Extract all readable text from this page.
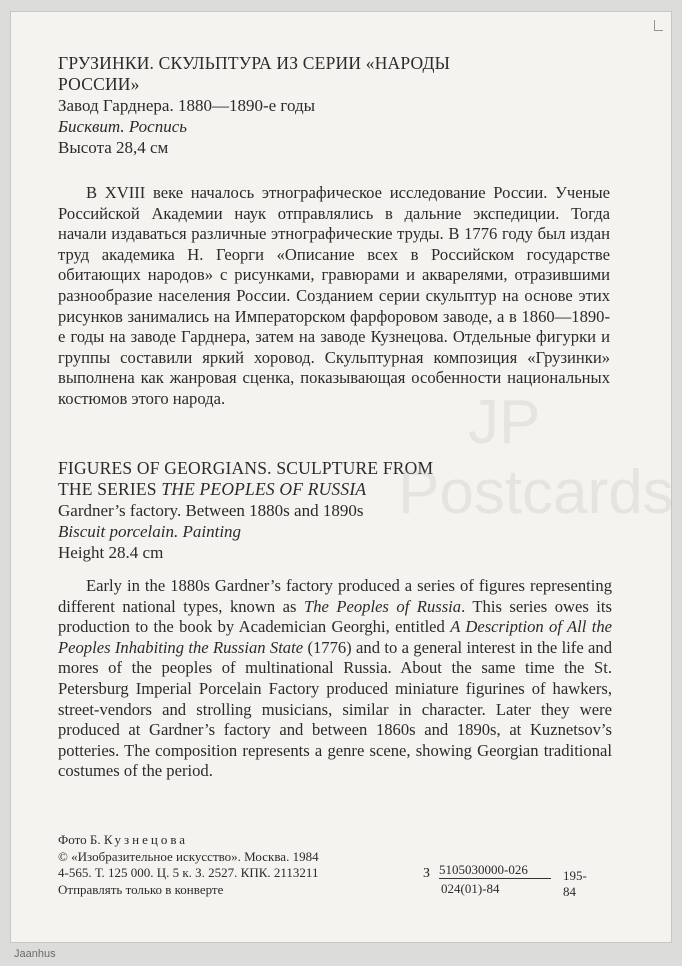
ГРУЗИНКИ. СКУЛЬПТУРА ИЗ СЕРИИ «НАРОДЫ
РОССИИ»
Завод Гарднера. 1880—1890-е годы
Бисквит. Роспись
Высота 28,4 см

В XVIII веке началось этнографическое исследование России. Ученые Российской Академии наук отправлялись в дальние экспедиции. Тогда начали издаваться различные этнографические труды. В 1776 году был издан труд академика Н. Георги «Описание всех в Российском государстве обитающих народов» с рисунками, гравюрами и акварелями, отразившими разнообразие населения России. Созданием серии скульптур на основе этих рисунков занимались на Императорском фарфоровом заводе, а в 1860—1890-е годы на заводе Гарднера, затем на заводе Кузнецова. Отдельные фигурки и группы составили яркий хоровод. Скульптурная композиция «Грузинки» выполнена как жанровая сценка, показывающая особенности национальных костюмов этого народа.

FIGURES OF GEORGIANS. SCULPTURE FROM
THE SERIES THE PEOPLES OF RUSSIA
Gardner’s factory. Between 1880s and 1890s
Biscuit porcelain. Painting
Height 28.4 cm

Early in the 1880s Gardner’s factory produced a series of figures representing different national types, known as The Peoples of Russia. This series owes its production to the book by Academician Georghi, entitled A Description of All the Peoples Inhabiting the Russian State (1776) and to a general interest in the life and mores of the peoples of multinational Russia. About the same time the St. Petersburg Imperial Porcelain Factory produced miniature figurines of hawkers, street-vendors and strolling musicians, similar in character. Later they were produced at Gardner’s factory and between 1860s and 1890s, at Kuznetsov’s potteries. The composition represents a genre scene, showing Georgian traditional costumes of the period.

Фото Б. Кузнецова
© «Изобразительное искусство». Москва. 1984
4-565. Т. 125 000. Ц. 5 к. З. 2527. КПК. 2113211
Отправлять только в конверте
З $\frac{5105030000-026}{024(01)-84} 195-84$
Jaanhus
